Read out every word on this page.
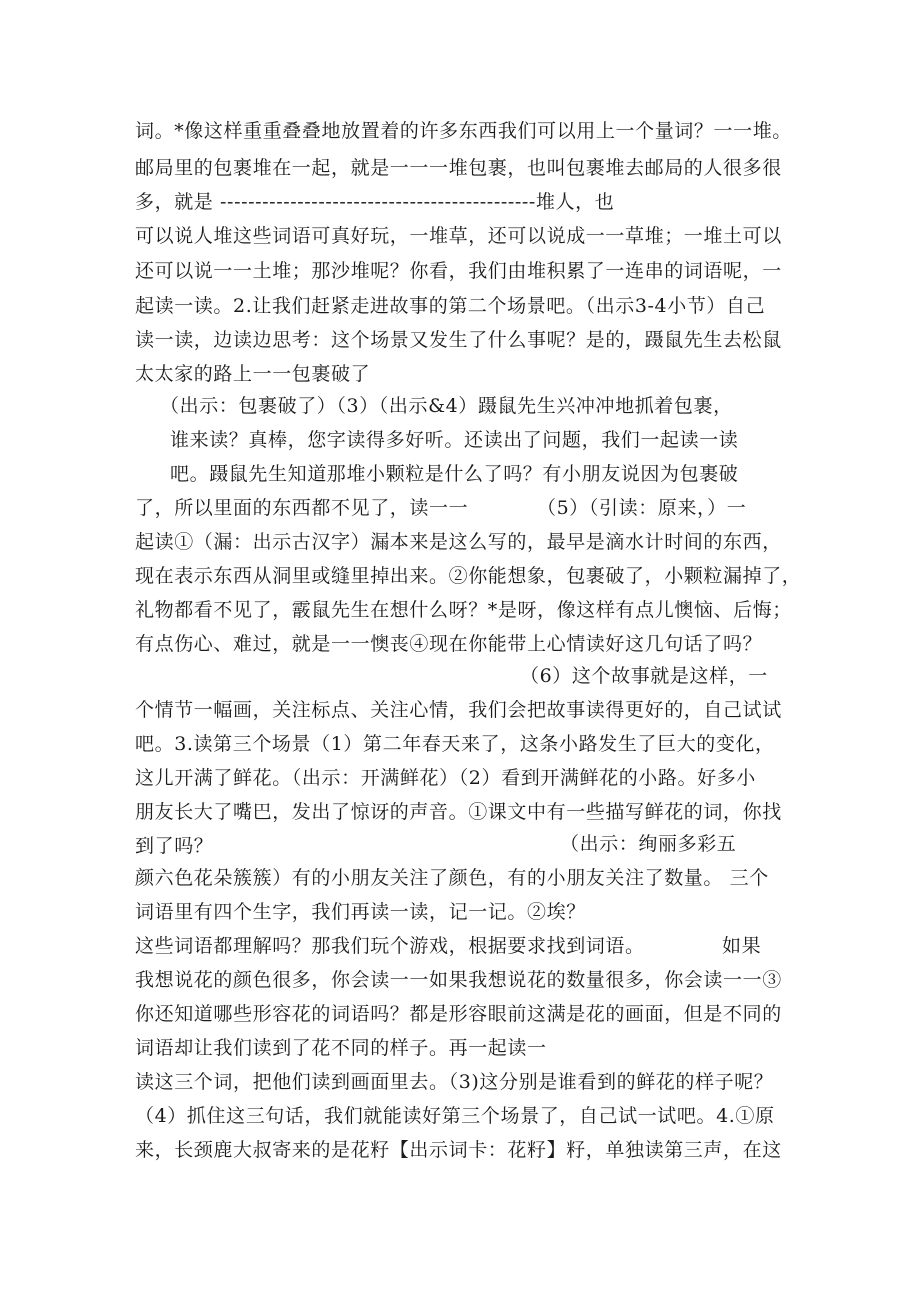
词。*像这样重重叠叠地放置着的许多东西我们可以用上一个量词？一一堆。
邮局里的包裹堆在一起，就是一一一堆包裹，也叫包裹堆去邮局的人很多很
多，就是 ---------------------------------------------堆人，也
可以说人堆这些词语可真好玩，一堆草，还可以说成一一草堆；一堆土可以
还可以说一一土堆；那沙堆呢？你看，我们由堆积累了一连串的词语呢，一
起读一读。2.让我们赶紧走进故事的第二个场景吧。（出示3-4小节）自己
读一读，边读边思考：这个场景又发生了什么事呢？是的，蹑鼠先生去松鼠
太太家的路上一一包裹破了
（出示：包裹破了）（3）（出示&4）蹑鼠先生兴冲冲地抓着包裹，
谁来读？真棒，您字读得多好听。还读出了问题，我们一起读一读
吧。蹑鼠先生知道那堆小颗粒是什么了吗？有小朋友说因为包裹破
了，所以里面的东西都不见了，读一一	（5）（引读：原来，）一
起读①（漏：出示古汉字）漏本来是这么写的，最早是滴水计时间的东西，
现在表示东西从洞里或缝里掉出来。②你能想象，包裹破了，小颗粒漏掉了，
礼物都看不见了，霰鼠先生在想什么呀？*是呀，像这样有点儿懊恼、后悔；
有点伤心、难过，就是一一懊丧④现在你能带上心情读好这几句话了吗？
（6）这个故事就是这样，一
个情节一幅画，关注标点、关注心情，我们会把故事读得更好的，自己试试
吧。3.读第三个场景（1）第二年春天来了，这条小路发生了巨大的变化，
这儿开满了鲜花。（出示：开满鲜花）（2）看到开满鲜花的小路。好多小
朋友长大了嘴巴，发出了惊讶的声音。①课文中有一些描写鲜花的词，你找
到了吗？	（出示：绚丽多彩五
颜六色花朵簇簇）有的小朋友关注了颜色，有的小朋友关注了数量。 三个
词语里有四个生字，我们再读一读，记一记。②埃？
这些词语都理解吗？那我们玩个游戏，根据要求找到词语。	如果
我想说花的颜色很多，你会读一一如果我想说花的数量很多，你会读一一③
你还知道哪些形容花的词语吗？都是形容眼前这满是花的画面，但是不同的
词语却让我们读到了花不同的样子。再一起读一
读这三个词，把他们读到画面里去。（3)这分别是谁看到的鲜花的样子呢？
（4）抓住这三句话，我们就能读好第三个场景了，自己试一试吧。4.①原
来，长颈鹿大叔寄来的是花籽【出示词卡：花籽】籽，单独读第三声，在这
